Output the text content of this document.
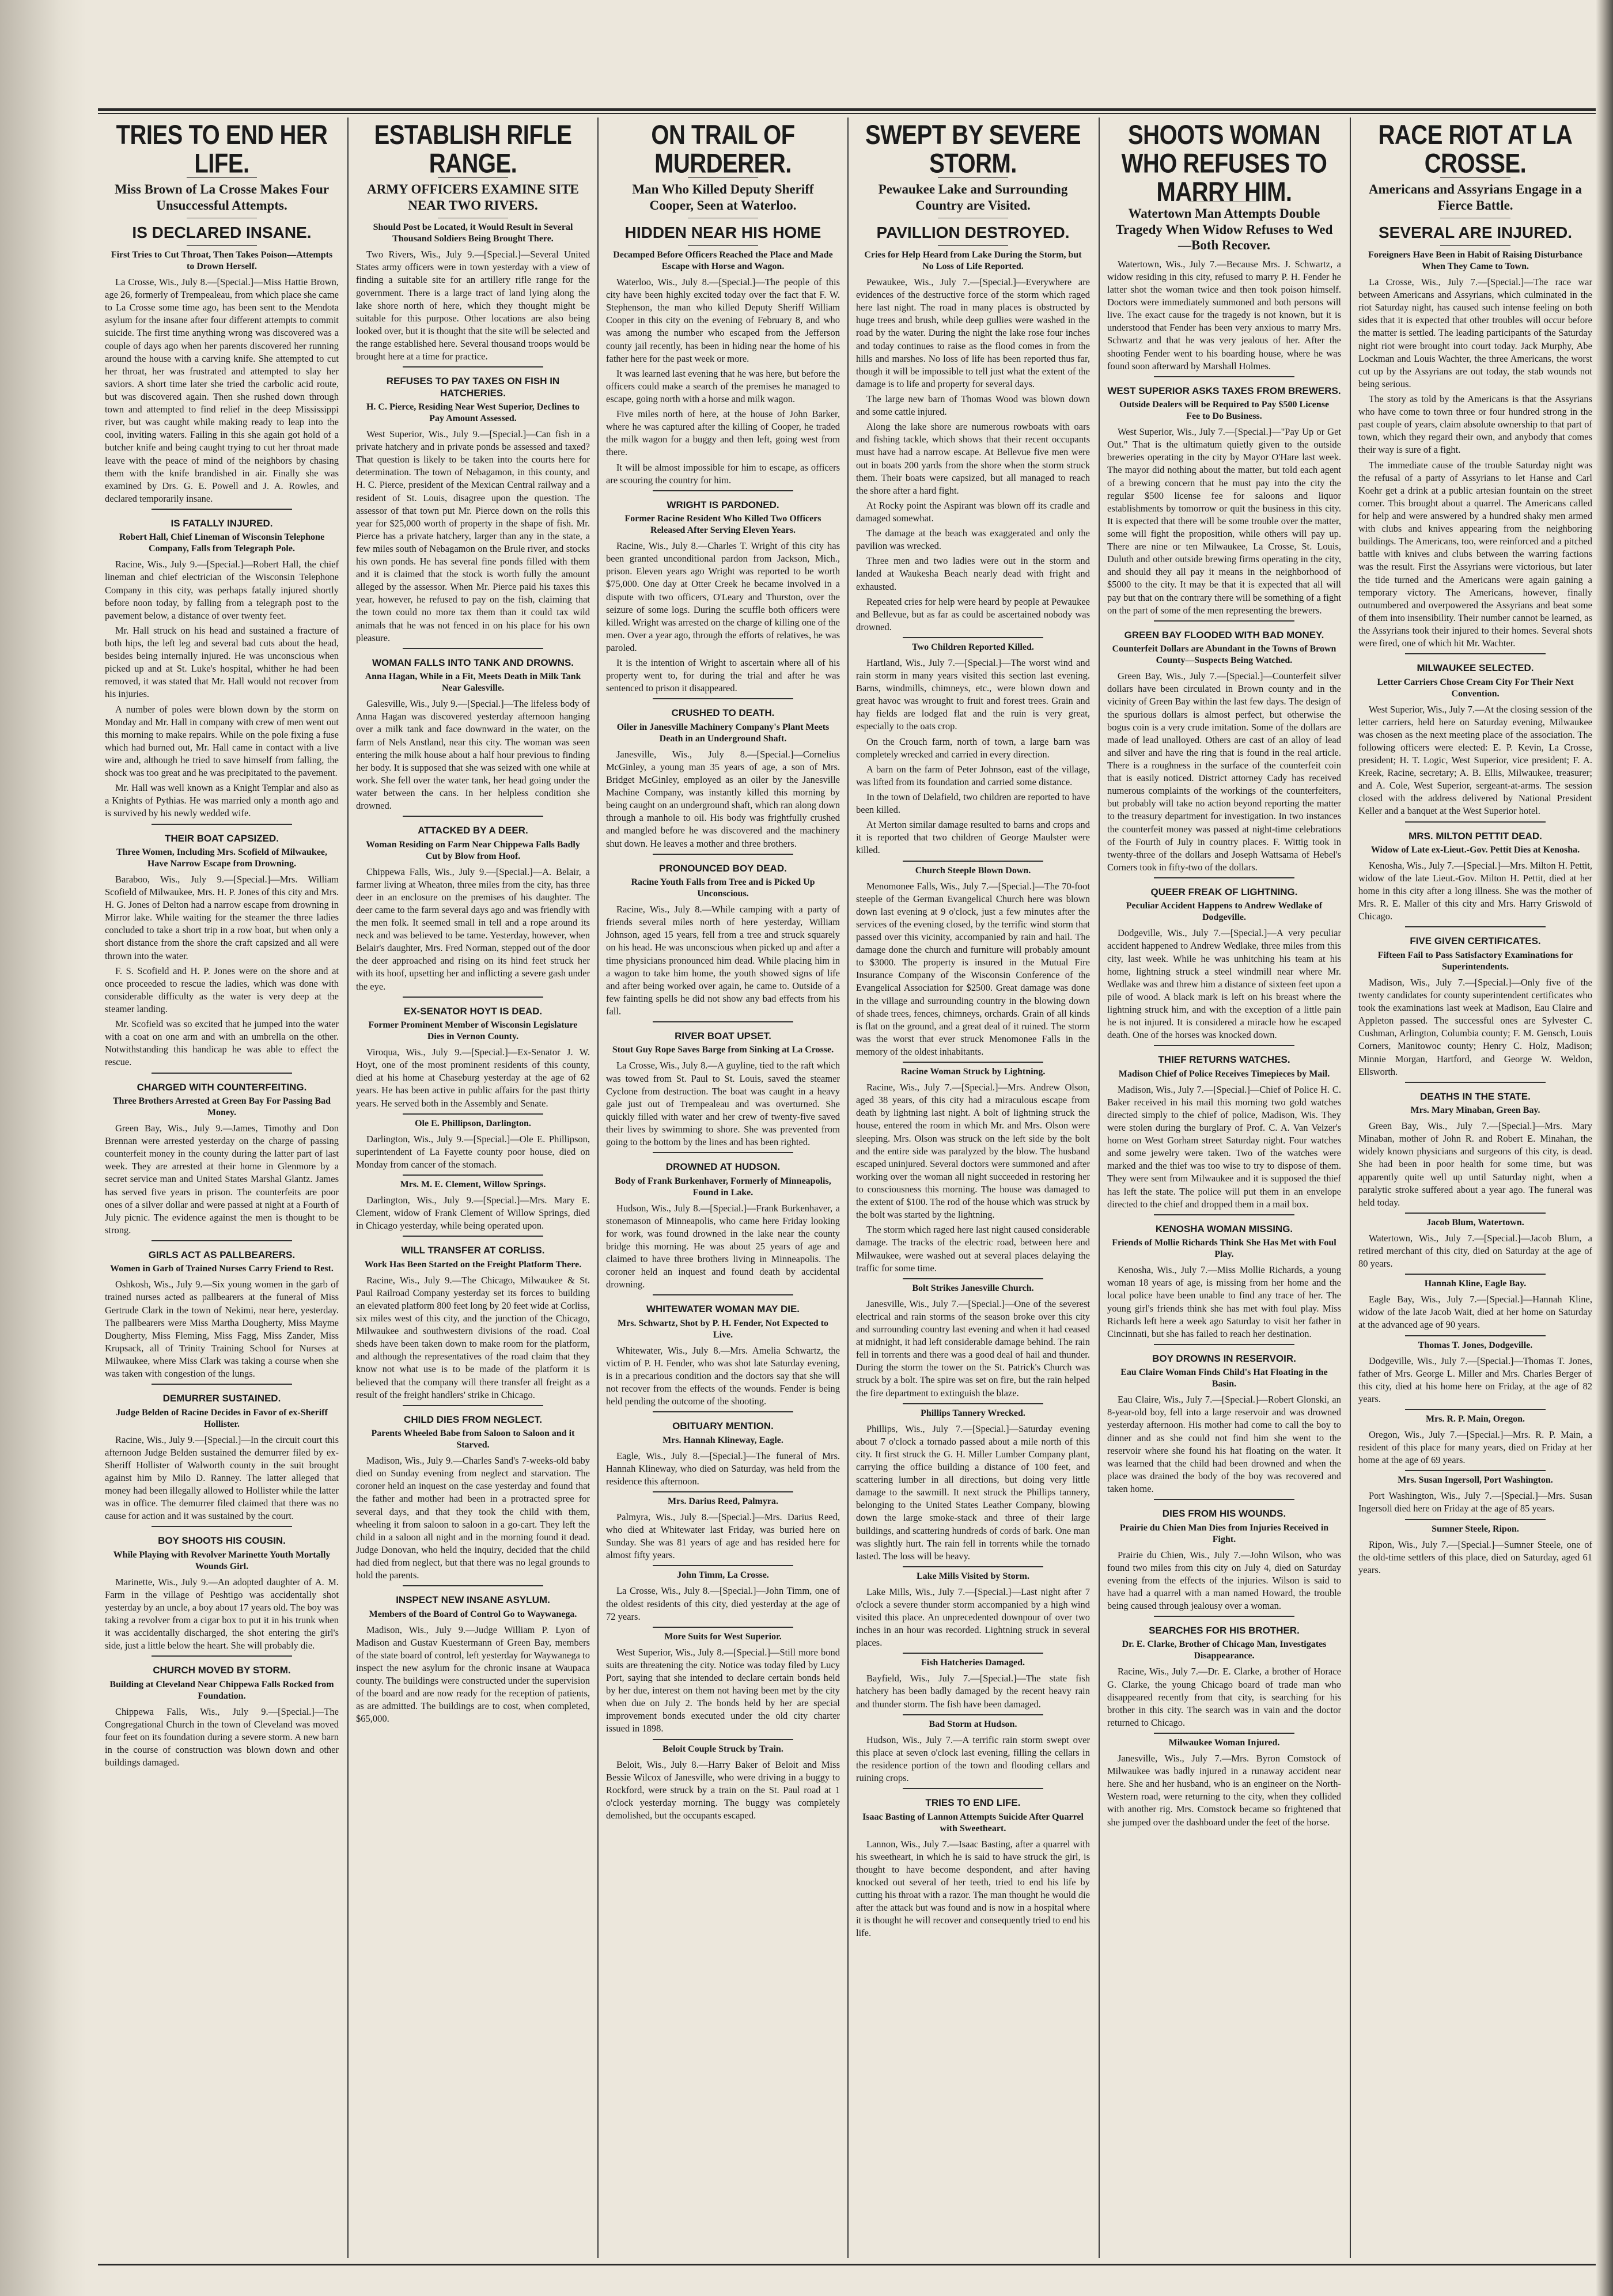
TRIES TO END HER LIFE.
Miss Brown of La Crosse Makes Four Unsuccessful Attempts.
IS DECLARED INSANE.
First Tries to Cut Throat, Then Takes Poison—Attempts to Drown Herself.

La Crosse, Wis., July 8.—[Special.]—Miss Hattie Brown, age 26, formerly of Trempealeau, from which place she came to La Crosse some time ago, has been sent to the Mendota asylum for the insane after four different attempts to commit suicide. The first time anything wrong was discovered was a couple of days ago when her parents discovered her running around the house with a carving knife. She attempted to cut her throat, her was frustrated and attempted to slay her saviors. A short time later she tried the carbolic acid route, but was discovered again. Then she rushed down through town and attempted to find relief in the deep Mississippi river, but was caught while making ready to leap into the cool, inviting waters. Failing in this she again got hold of a butcher knife and being caught trying to cut her throat made leave with the peace of mind of the neighbors by chasing them with the knife brandished in air. Finally she was examined by Drs. G. E. Powell and J. A. Rowles, and declared temporarily insane.

IS FATALLY INJURED.
Robert Hall, Chief Lineman of Wisconsin Telephone Company, Falls from Telegraph Pole.

Racine, Wis., July 9.—[Special.]—Robert Hall, the chief lineman and chief electrician of the Wisconsin Telephone Company in this city, was perhaps fatally injured shortly before noon today, by falling from a telegraph post to the pavement below, a distance of over twenty feet.

Mr. Hall struck on his head and sustained a fracture of both hips, the left leg and several bad cuts about the head, besides being internally injured. He was unconscious when picked up and at St. Luke's hospital, whither he had been removed, it was stated that Mr. Hall would not recover from his injuries.

A number of poles were blown down by the storm on Monday and Mr. Hall in company with crew of men went out this morning to make repairs. While on the pole fixing a fuse which had burned out, Mr. Hall came in contact with a live wire and, although he tried to save himself from falling, the shock was too great and he was precipitated to the pavement.

Mr. Hall was well known as a Knight Templar and also as a Knights of Pythias. He was married only a month ago and is survived by his newly wedded wife.

THEIR BOAT CAPSIZED.
Three Women, Including Mrs. Scofield of Milwaukee, Have Narrow Escape from Drowning.

Baraboo, Wis., July 9.—[Special.]—Mrs. William Scofield of Milwaukee, Mrs. H. P. Jones of this city and Mrs. H. G. Jones of Delton had a narrow escape from drowning in Mirror lake. While waiting for the steamer the three ladies concluded to take a short trip in a row boat, but when only a short distance from the shore the craft capsized and all were thrown into the water.

F. S. Scofield and H. P. Jones were on the shore and at once proceeded to rescue the ladies, which was done with considerable difficulty as the water is very deep at the steamer landing.

Mr. Scofield was so excited that he jumped into the water with a coat on one arm and with an umbrella on the other. Notwithstanding this handicap he was able to effect the rescue.

CHARGED WITH COUNTERFEITING.
Three Brothers Arrested at Green Bay For Passing Bad Money.

Green Bay, Wis., July 9.—James, Timothy and Don Brennan were arrested yesterday on the charge of passing counterfeit money in the county during the latter part of last week. They are arrested at their home in Glenmore by a secret service man and United States Marshal Glantz. James has served five years in prison. The counterfeits are poor ones of a silver dollar and were passed at night at a Fourth of July picnic. The evidence against the men is thought to be strong.

GIRLS ACT AS PALLBEARERS.
Women in Garb of Trained Nurses Carry Friend to Rest.

Oshkosh, Wis., July 9.—Six young women in the garb of trained nurses acted as pallbearers at the funeral of Miss Gertrude Clark in the town of Nekimi, near here, yesterday. The pallbearers were Miss Martha Dougherty, Miss Mayme Dougherty, Miss Fleming, Miss Fagg, Miss Zander, Miss Krupsack, all of Trinity Training School for Nurses at Milwaukee, where Miss Clark was taking a course when she was taken with congestion of the lungs.

DEMURRER SUSTAINED.
Judge Belden of Racine Decides in Favor of ex-Sheriff Hollister.

Racine, Wis., July 9.—[Special.]—In the circuit court this afternoon Judge Belden sustained the demurrer filed by ex-Sheriff Hollister of Walworth county in the suit brought against him by Milo D. Ranney. The latter alleged that money had been illegally allowed to Hollister while the latter was in office. The demurrer filed claimed that there was no cause for action and it was sustained by the court.

BOY SHOOTS HIS COUSIN.
While Playing with Revolver Marinette Youth Mortally Wounds Girl.

Marinette, Wis., July 9.—An adopted daughter of A. M. Farm in the village of Peshtigo was accidentally shot yesterday by an uncle, a boy about 17 years old. The boy was taking a revolver from a cigar box to put it in his trunk when it was accidentally discharged, the shot entering the girl's side, just a little below the heart. She will probably die.

CHURCH MOVED BY STORM.
Building at Cleveland Near Chippewa Falls Rocked from Foundation.

Chippewa Falls, Wis., July 9.—[Special.]—The Congregational Church in the town of Cleveland was moved four feet on its foundation during a severe storm. A new barn in the course of construction was blown down and other buildings damaged.

ESTABLISH RIFLE RANGE.
ARMY OFFICERS EXAMINE SITE NEAR TWO RIVERS.
Should Post be Located, it Would Result in Several Thousand Soldiers Being Brought There.

Two Rivers, Wis., July 9.—[Special.]—Several United States army officers were in town yesterday with a view of finding a suitable site for an artillery rifle range for the government. There is a large tract of land lying along the lake shore north of here, which they thought might be suitable for this purpose. Other locations are also being looked over, but it is thought that the site will be selected and the range established here. Several thousand troops would be brought here at a time for practice.

REFUSES TO PAY TAXES ON FISH IN HATCHERIES.
H. C. Pierce, Residing Near West Superior, Declines to Pay Amount Assessed.

West Superior, Wis., July 9.—[Special.]—Can fish in a private hatchery and in private ponds be assessed and taxed? That question is likely to be taken into the courts here for determination. The town of Nebagamon, in this county, and H. C. Pierce, president of the Mexican Central railway and a resident of St. Louis, disagree upon the question. The assessor of that town put Mr. Pierce down on the rolls this year for $25,000 worth of property in the shape of fish. Mr. Pierce has a private hatchery, larger than any in the state, a few miles south of Nebagamon on the Brule river, and stocks his own ponds. He has several fine ponds filled with them and it is claimed that the stock is worth fully the amount alleged by the assessor. When Mr. Pierce paid his taxes this year, however, he refused to pay on the fish, claiming that the town could no more tax them than it could tax wild animals that he was not fenced in on his place for his own pleasure.

WOMAN FALLS INTO TANK AND DROWNS.
Anna Hagan, While in a Fit, Meets Death in Milk Tank Near Galesville.

Galesville, Wis., July 9.—[Special.]—The lifeless body of Anna Hagan was discovered yesterday afternoon hanging over a milk tank and face downward in the water, on the farm of Nels Anstland, near this city. The woman was seen entering the milk house about a half hour previous to finding her body. It is supposed that she was seized with one while at work. She fell over the water tank, her head going under the water between the cans. In her helpless condition she drowned.

ATTACKED BY A DEER.
Woman Residing on Farm Near Chippewa Falls Badly Cut by Blow from Hoof.

Chippewa Falls, Wis., July 9.—[Special.]—A. Belair, a farmer living at Wheaton, three miles from the city, has three deer in an enclosure on the premises of his daughter. The deer came to the farm several days ago and was friendly with the men folk. It seemed small in tell and a rope around its neck and was believed to be tame. Yesterday, however, when Belair's daughter, Mrs. Fred Norman, stepped out of the door the deer approached and rising on its hind feet struck her with its hoof, upsetting her and inflicting a severe gash under the eye.

EX-SENATOR HOYT IS DEAD.
Former Prominent Member of Wisconsin Legislature Dies in Vernon County.

Viroqua, Wis., July 9.—[Special.]—Ex-Senator J. W. Hoyt, one of the most prominent residents of this county, died at his home at Chaseburg yesterday at the age of 62 years. He has been active in public affairs for the past thirty years. He served both in the Assembly and Senate.

Ole E. Phillipson, Darlington.

Darlington, Wis., July 9.—[Special.]—Ole E. Phillipson, superintendent of La Fayette county poor house, died on Monday from cancer of the stomach.

Mrs. M. E. Clement, Willow Springs.

Darlington, Wis., July 9.—[Special.]—Mrs. Mary E. Clement, widow of Frank Clement of Willow Springs, died in Chicago yesterday, while being operated upon.

WILL TRANSFER AT CORLISS.
Work Has Been Started on the Freight Platform There.

Racine, Wis., July 9.—The Chicago, Milwaukee & St. Paul Railroad Company yesterday set its forces to building an elevated platform 800 feet long by 20 feet wide at Corliss, six miles west of this city, and the junction of the Chicago, Milwaukee and southwestern divisions of the road. Coal sheds have been taken down to make room for the platform, and although the representatives of the road claim that they know not what use is to be made of the platform it is believed that the company will there transfer all freight as a result of the freight handlers' strike in Chicago.

CHILD DIES FROM NEGLECT.
Parents Wheeled Babe from Saloon to Saloon and it Starved.

Madison, Wis., July 9.—Charles Sand's 7-weeks-old baby died on Sunday evening from neglect and starvation. The coroner held an inquest on the case yesterday and found that the father and mother had been in a protracted spree for several days, and that they took the child with them, wheeling it from saloon to saloon in a go-cart. They left the child in a saloon all night and in the morning found it dead. Judge Donovan, who held the inquiry, decided that the child had died from neglect, but that there was no legal grounds to hold the parents.

INSPECT NEW INSANE ASYLUM.
Members of the Board of Control Go to Waywanega.

Madison, Wis., July 9.—Judge William P. Lyon of Madison and Gustav Kuestermann of Green Bay, members of the state board of control, left yesterday for Waywanega to inspect the new asylum for the chronic insane at Waupaca county. The buildings were constructed under the supervision of the board and are now ready for the reception of patients, as are admitted. The buildings are to cost, when completed, $65,000.

ON TRAIL OF MURDERER.
Man Who Killed Deputy Sheriff Cooper, Seen at Waterloo.
HIDDEN NEAR HIS HOME
Decamped Before Officers Reached the Place and Made Escape with Horse and Wagon.

Waterloo, Wis., July 8.—[Special.]—The people of this city have been highly excited today over the fact that F. W. Stephenson, the man who killed Deputy Sheriff William Cooper in this city on the evening of February 8, and who was among the number who escaped from the Jefferson county jail recently, has been in hiding near the home of his father here for the past week or more.

It was learned last evening that he was here, but before the officers could make a search of the premises he managed to escape, going north with a horse and milk wagon.

Five miles north of here, at the house of John Barker, where he was captured after the killing of Cooper, he traded the milk wagon for a buggy and then left, going west from there.

It will be almost impossible for him to escape, as officers are scouring the country for him.

WRIGHT IS PARDONED.
Former Racine Resident Who Killed Two Officers Released After Serving Eleven Years.

Racine, Wis., July 8.—Charles T. Wright of this city has been granted unconditional pardon from Jackson, Mich., prison. Eleven years ago Wright was reported to be worth $75,000. One day at Otter Creek he became involved in a dispute with two officers, O'Leary and Thurston, over the seizure of some logs. During the scuffle both officers were killed. Wright was arrested on the charge of killing one of the men. Over a year ago, through the efforts of relatives, he was paroled.

It is the intention of Wright to ascertain where all of his property went to, for during the trial and after he was sentenced to prison it disappeared.

CRUSHED TO DEATH.
Oiler in Janesville Machinery Company's Plant Meets Death in an Underground Shaft.

Janesville, Wis., July 8.—[Special.]—Cornelius McGinley, a young man 35 years of age, a son of Mrs. Bridget McGinley, employed as an oiler by the Janesville Machine Company, was instantly killed this morning by being caught on an underground shaft, which ran along down through a manhole to oil. His body was frightfully crushed and mangled before he was discovered and the machinery shut down. He leaves a mother and three brothers.

PRONOUNCED BOY DEAD.
Racine Youth Falls from Tree and is Picked Up Unconscious.

Racine, Wis., July 8.—While camping with a party of friends several miles north of here yesterday, William Johnson, aged 15 years, fell from a tree and struck squarely on his head. He was unconscious when picked up and after a time physicians pronounced him dead. While placing him in a wagon to take him home, the youth showed signs of life and after being worked over again, he came to. Outside of a few fainting spells he did not show any bad effects from his fall.

RIVER BOAT UPSET.
Stout Guy Rope Saves Barge from Sinking at La Crosse.

La Crosse, Wis., July 8.—A guyline, tied to the raft which was towed from St. Paul to St. Louis, saved the steamer Cyclone from destruction. The boat was caught in a heavy gale just out of Trempealeau and was overturned. She quickly filled with water and her crew of twenty-five saved their lives by swimming to shore. She was prevented from going to the bottom by the lines and has been righted.

DROWNED AT HUDSON.
Body of Frank Burkenhaver, Formerly of Minneapolis, Found in Lake.

Hudson, Wis., July 8.—[Special.]—Frank Burkenhaver, a stonemason of Minneapolis, who came here Friday looking for work, was found drowned in the lake near the county bridge this morning. He was about 25 years of age and claimed to have three brothers living in Minneapolis. The coroner held an inquest and found death by accidental drowning.

WHITEWATER WOMAN MAY DIE.
Mrs. Schwartz, Shot by P. H. Fender, Not Expected to Live.

Whitewater, Wis., July 8.—Mrs. Amelia Schwartz, the victim of P. H. Fender, who was shot late Saturday evening, is in a precarious condition and the doctors say that she will not recover from the effects of the wounds. Fender is being held pending the outcome of the shooting.

OBITUARY MENTION.
Mrs. Hannah Klineway, Eagle.

Eagle, Wis., July 8.—[Special.]—The funeral of Mrs. Hannah Klineway, who died on Saturday, was held from the residence this afternoon.

Mrs. Darius Reed, Palmyra.

Palmyra, Wis., July 8.—[Special.]—Mrs. Darius Reed, who died at Whitewater last Friday, was buried here on Sunday. She was 81 years of age and has resided here for almost fifty years.

John Timm, La Crosse.

La Crosse, Wis., July 8.—[Special.]—John Timm, one of the oldest residents of this city, died yesterday at the age of 72 years.

More Suits for West Superior.

West Superior, Wis., July 8.—[Special.]—Still more bond suits are threatening the city. Notice was today filed by Lucy Port, saying that she intended to declare certain bonds held by her due, interest on them not having been met by the city when due on July 2. The bonds held by her are special improvement bonds executed under the old city charter issued in 1898.

Beloit Couple Struck by Train.

Beloit, Wis., July 8.—Harry Baker of Beloit and Miss Bessie Wilcox of Janesville, who were driving in a buggy to Rockford, were struck by a train on the St. Paul road at 1 o'clock yesterday morning. The buggy was completely demolished, but the occupants escaped.

SWEPT BY SEVERE STORM.
Pewaukee Lake and Surrounding Country are Visited.
PAVILLION DESTROYED.
Cries for Help Heard from Lake During the Storm, but No Loss of Life Reported.

Pewaukee, Wis., July 7.—[Special.]—Everywhere are evidences of the destructive force of the storm which raged here last night. The road in many places is obstructed by huge trees and brush, while deep gullies were washed in the road by the water. During the night the lake rose four inches and today continues to raise as the flood comes in from the hills and marshes. No loss of life has been reported thus far, though it will be impossible to tell just what the extent of the damage is to life and property for several days.

The large new barn of Thomas Wood was blown down and some cattle injured.

Along the lake shore are numerous rowboats with oars and fishing tackle, which shows that their recent occupants must have had a narrow escape. At Bellevue five men were out in boats 200 yards from the shore when the storm struck them. Their boats were capsized, but all managed to reach the shore after a hard fight.

At Rocky point the Aspirant was blown off its cradle and damaged somewhat.

The damage at the beach was exaggerated and only the pavilion was wrecked.

Three men and two ladies were out in the storm and landed at Waukesha Beach nearly dead with fright and exhausted.

Repeated cries for help were heard by people at Pewaukee and Bellevue, but as far as could be ascertained nobody was drowned.

Two Children Reported Killed.

Hartland, Wis., July 7.—[Special.]—The worst wind and rain storm in many years visited this section last evening. Barns, windmills, chimneys, etc., were blown down and great havoc was wrought to fruit and forest trees. Grain and hay fields are lodged flat and the ruin is very great, especially to the oats crop.

On the Crouch farm, north of town, a large barn was completely wrecked and carried in every direction.

A barn on the farm of Peter Johnson, east of the village, was lifted from its foundation and carried some distance.

In the town of Delafield, two children are reported to have been killed.

At Merton similar damage resulted to barns and crops and it is reported that two children of George Maulster were killed.

Church Steeple Blown Down.

Menomonee Falls, Wis., July 7.—[Special.]—The 70-foot steeple of the German Evangelical Church here was blown down last evening at 9 o'clock, just a few minutes after the services of the evening closed, by the terrific wind storm that passed over this vicinity, accompanied by rain and hail. The damage done the church and furniture will probably amount to $3000. The property is insured in the Mutual Fire Insurance Company of the Wisconsin Conference of the Evangelical Association for $2500. Great damage was done in the village and surrounding country in the blowing down of shade trees, fences, chimneys, orchards. Grain of all kinds is flat on the ground, and a great deal of it ruined. The storm was the worst that ever struck Menomonee Falls in the memory of the oldest inhabitants.

Racine Woman Struck by Lightning.

Racine, Wis., July 7.—[Special.]—Mrs. Andrew Olson, aged 38 years, of this city had a miraculous escape from death by lightning last night. A bolt of lightning struck the house, entered the room in which Mr. and Mrs. Olson were sleeping. Mrs. Olson was struck on the left side by the bolt and the entire side was paralyzed by the blow. The husband escaped uninjured. Several doctors were summoned and after working over the woman all night succeeded in restoring her to consciousness this morning. The house was damaged to the extent of $100. The rod of the house which was struck by the bolt was started by the lightning.

The storm which raged here last night caused considerable damage. The tracks of the electric road, between here and Milwaukee, were washed out at several places delaying the traffic for some time.

Bolt Strikes Janesville Church.

Janesville, Wis., July 7.—[Special.]—One of the severest electrical and rain storms of the season broke over this city and surrounding country last evening and when it had ceased at midnight, it had left considerable damage behind. The rain fell in torrents and there was a good deal of hail and thunder. During the storm the tower on the St. Patrick's Church was struck by a bolt. The spire was set on fire, but the rain helped the fire department to extinguish the blaze.

Phillips Tannery Wrecked.

Phillips, Wis., July 7.—[Special.]—Saturday evening about 7 o'clock a tornado passed about a mile north of this city. It first struck the G. H. Miller Lumber Company plant, carrying the office building a distance of 100 feet, and scattering lumber in all directions, but doing very little damage to the sawmill. It next struck the Phillips tannery, belonging to the United States Leather Company, blowing down the large smoke-stack and three of their large buildings, and scattering hundreds of cords of bark. One man was slightly hurt. The rain fell in torrents while the tornado lasted. The loss will be heavy.

Lake Mills Visited by Storm.

Lake Mills, Wis., July 7.—[Special.]—Last night after 7 o'clock a severe thunder storm accompanied by a high wind visited this place. An unprecedented downpour of over two inches in an hour was recorded. Lightning struck in several places.

Fish Hatcheries Damaged.

Bayfield, Wis., July 7.—[Special.]—The state fish hatchery has been badly damaged by the recent heavy rain and thunder storm. The fish have been damaged.

Bad Storm at Hudson.

Hudson, Wis., July 7.—A terrific rain storm swept over this place at seven o'clock last evening, filling the cellars in the residence portion of the town and flooding cellars and ruining crops.

TRIES TO END LIFE.
Isaac Basting of Lannon Attempts Suicide After Quarrel with Sweetheart.

Lannon, Wis., July 7.—Isaac Basting, after a quarrel with his sweetheart, in which he is said to have struck the girl, is thought to have become despondent, and after having knocked out several of her teeth, tried to end his life by cutting his throat with a razor. The man thought he would die after the attack but was found and is now in a hospital where it is thought he will recover and consequently tried to end his life.

SHOOTS WOMAN WHO REFUSES TO MARRY HIM.
Watertown Man Attempts Double Tragedy When Widow Refuses to Wed—Both Recover.

Watertown, Wis., July 7.—Because Mrs. J. Schwartz, a widow residing in this city, refused to marry P. H. Fender he latter shot the woman twice and then took poison himself. Doctors were immediately summoned and both persons will live. The exact cause for the tragedy is not known, but it is understood that Fender has been very anxious to marry Mrs. Schwartz and that he was very jealous of her. After the shooting Fender went to his boarding house, where he was found soon afterward by Marshall Holmes.

WEST SUPERIOR ASKS TAXES FROM BREWERS.
Outside Dealers will be Required to Pay $500 License Fee to Do Business.

West Superior, Wis., July 7.—[Special.]—"Pay Up or Get Out." That is the ultimatum quietly given to the outside breweries operating in the city by Mayor O'Hare last week. The mayor did nothing about the matter, but told each agent of a brewing concern that he must pay into the city the regular $500 license fee for saloons and liquor establishments by tomorrow or quit the business in this city. It is expected that there will be some trouble over the matter, some will fight the proposition, while others will pay up. There are nine or ten Milwaukee, La Crosse, St. Louis, Duluth and other outside brewing firms operating in the city, and should they all pay it means in the neighborhood of $5000 to the city. It may be that it is expected that all will pay but that on the contrary there will be something of a fight on the part of some of the men representing the brewers.

GREEN BAY FLOODED WITH BAD MONEY.
Counterfeit Dollars are Abundant in the Towns of Brown County—Suspects Being Watched.

Green Bay, Wis., July 7.—[Special.]—Counterfeit silver dollars have been circulated in Brown county and in the vicinity of Green Bay within the last few days. The design of the spurious dollars is almost perfect, but otherwise the bogus coin is a very crude imitation. Some of the dollars are made of lead unalloyed. Others are cast of an alloy of lead and silver and have the ring that is found in the real article. There is a roughness in the surface of the counterfeit coin that is easily noticed. District attorney Cady has received numerous complaints of the workings of the counterfeiters, but probably will take no action beyond reporting the matter to the treasury department for investigation. In two instances the counterfeit money was passed at night-time celebrations of the Fourth of July in country places. F. Wittig took in twenty-three of the dollars and Joseph Wattsama of Hebel's Corners took in fifty-two of the dollars.

QUEER FREAK OF LIGHTNING.
Peculiar Accident Happens to Andrew Wedlake of Dodgeville.

Dodgeville, Wis., July 7.—[Special.]—A very peculiar accident happened to Andrew Wedlake, three miles from this city, last week. While he was unhitching his team at his home, lightning struck a steel windmill near where Mr. Wedlake was and threw him a distance of sixteen feet upon a pile of wood. A black mark is left on his breast where the lightning struck him, and with the exception of a little pain he is not injured. It is considered a miracle how he escaped death. One of the horses was knocked down.

THIEF RETURNS WATCHES.
Madison Chief of Police Receives Timepieces by Mail.

Madison, Wis., July 7.—[Special.]—Chief of Police H. C. Baker received in his mail this morning two gold watches directed simply to the chief of police, Madison, Wis. They were stolen during the burglary of Prof. C. A. Van Velzer's home on West Gorham street Saturday night. Four watches and some jewelry were taken. Two of the watches were marked and the thief was too wise to try to dispose of them. They were sent from Milwaukee and it is supposed the thief has left the state. The police will put them in an envelope directed to the chief and dropped them in a mail box.

KENOSHA WOMAN MISSING.
Friends of Mollie Richards Think She Has Met with Foul Play.

Kenosha, Wis., July 7.—Miss Mollie Richards, a young woman 18 years of age, is missing from her home and the local police have been unable to find any trace of her. The young girl's friends think she has met with foul play. Miss Richards left here a week ago Saturday to visit her father in Cincinnati, but she has failed to reach her destination.

BOY DROWNS IN RESERVOIR.
Eau Claire Woman Finds Child's Hat Floating in the Basin.

Eau Claire, Wis., July 7.—[Special.]—Robert Glonski, an 8-year-old boy, fell into a large reservoir and was drowned yesterday afternoon. His mother had come to call the boy to dinner and as she could not find him she went to the reservoir where she found his hat floating on the water. It was learned that the child had been drowned and when the place was drained the body of the boy was recovered and taken home.

DIES FROM HIS WOUNDS.
Prairie du Chien Man Dies from Injuries Received in Fight.

Prairie du Chien, Wis., July 7.—John Wilson, who was found two miles from this city on July 4, died on Saturday evening from the effects of the injuries. Wilson is said to have had a quarrel with a man named Howard, the trouble being caused through jealousy over a woman.

SEARCHES FOR HIS BROTHER.
Dr. E. Clarke, Brother of Chicago Man, Investigates Disappearance.

Racine, Wis., July 7.—Dr. E. Clarke, a brother of Horace G. Clarke, the young Chicago board of trade man who disappeared recently from that city, is searching for his brother in this city. The search was in vain and the doctor returned to Chicago.

Milwaukee Woman Injured.

Janesville, Wis., July 7.—Mrs. Byron Comstock of Milwaukee was badly injured in a runaway accident near here. She and her husband, who is an engineer on the North-Western road, were returning to the city, when they collided with another rig. Mrs. Comstock became so frightened that she jumped over the dashboard under the feet of the horse.

RACE RIOT AT LA CROSSE.
Americans and Assyrians Engage in a Fierce Battle.
SEVERAL ARE INJURED.
Foreigners Have Been in Habit of Raising Disturbance When They Came to Town.

La Crosse, Wis., July 7.—[Special.]—The race war between Americans and Assyrians, which culminated in the riot Saturday night, has caused such intense feeling on both sides that it is expected that other troubles will occur before the matter is settled. The leading participants of the Saturday night riot were brought into court today. Jack Murphy, Abe Lockman and Louis Wachter, the three Americans, the worst cut up by the Assyrians are out today, the stab wounds not being serious.

The story as told by the Americans is that the Assyrians who have come to town three or four hundred strong in the past couple of years, claim absolute ownership to that part of town, which they regard their own, and anybody that comes their way is sure of a fight.

The immediate cause of the trouble Saturday night was the refusal of a party of Assyrians to let Hanse and Carl Koehr get a drink at a public artesian fountain on the street corner. This brought about a quarrel. The Americans called for help and were answered by a hundred shaky men armed with clubs and knives appearing from the neighboring buildings. The Americans, too, were reinforced and a pitched battle with knives and clubs between the warring factions was the result. First the Assyrians were victorious, but later the tide turned and the Americans were again gaining a temporary victory. The Americans, however, finally outnumbered and overpowered the Assyrians and beat some of them into insensibility. Their number cannot be learned, as the Assyrians took their injured to their homes. Several shots were fired, one of which hit Mr. Wachter.

MILWAUKEE SELECTED.
Letter Carriers Chose Cream City For Their Next Convention.

West Superior, Wis., July 7.—At the closing session of the letter carriers, held here on Saturday evening, Milwaukee was chosen as the next meeting place of the association. The following officers were elected: E. P. Kevin, La Crosse, president; H. T. Logic, West Superior, vice president; F. A. Kreek, Racine, secretary; A. B. Ellis, Milwaukee, treasurer; and A. Cole, West Superior, sergeant-at-arms. The session closed with the address delivered by National President Keller and a banquet at the West Superior hotel.

MRS. MILTON PETTIT DEAD.
Widow of Late ex-Lieut.-Gov. Pettit Dies at Kenosha.

Kenosha, Wis., July 7.—[Special.]—Mrs. Milton H. Pettit, widow of the late Lieut.-Gov. Milton H. Pettit, died at her home in this city after a long illness. She was the mother of Mrs. R. E. Maller of this city and Mrs. Harry Griswold of Chicago.

FIVE GIVEN CERTIFICATES.
Fifteen Fail to Pass Satisfactory Examinations for Superintendents.

Madison, Wis., July 7.—[Special.]—Only five of the twenty candidates for county superintendent certificates who took the examinations last week at Madison, Eau Claire and Appleton passed. The successful ones are Sylvester C. Cushman, Arlington, Columbia county; F. M. Gensch, Louis Corners, Manitowoc county; Henry C. Holz, Madison; Minnie Morgan, Hartford, and George W. Weldon, Ellsworth.

DEATHS IN THE STATE.
Mrs. Mary Minaban, Green Bay.

Green Bay, Wis., July 7.—[Special.]—Mrs. Mary Minaban, mother of John R. and Robert E. Minahan, the widely known physicians and surgeons of this city, is dead. She had been in poor health for some time, but was apparently quite well up until Saturday night, when a paralytic stroke suffered about a year ago. The funeral was held today.

Jacob Blum, Watertown.

Watertown, Wis., July 7.—[Special.]—Jacob Blum, a retired merchant of this city, died on Saturday at the age of 80 years.

Hannah Kline, Eagle Bay.

Eagle Bay, Wis., July 7.—[Special.]—Hannah Kline, widow of the late Jacob Wait, died at her home on Saturday at the advanced age of 90 years.

Thomas T. Jones, Dodgeville.

Dodgeville, Wis., July 7.—[Special.]—Thomas T. Jones, father of Mrs. George L. Miller and Mrs. Charles Berger of this city, died at his home here on Friday, at the age of 82 years.

Mrs. R. P. Main, Oregon.

Oregon, Wis., July 7.—[Special.]—Mrs. R. P. Main, a resident of this place for many years, died on Friday at her home at the age of 69 years.

Mrs. Susan Ingersoll, Port Washington.

Port Washington, Wis., July 7.—[Special.]—Mrs. Susan Ingersoll died here on Friday at the age of 85 years.

Sumner Steele, Ripon.

Ripon, Wis., July 7.—[Special.]—Sumner Steele, one of the old-time settlers of this place, died on Saturday, aged 61 years.
